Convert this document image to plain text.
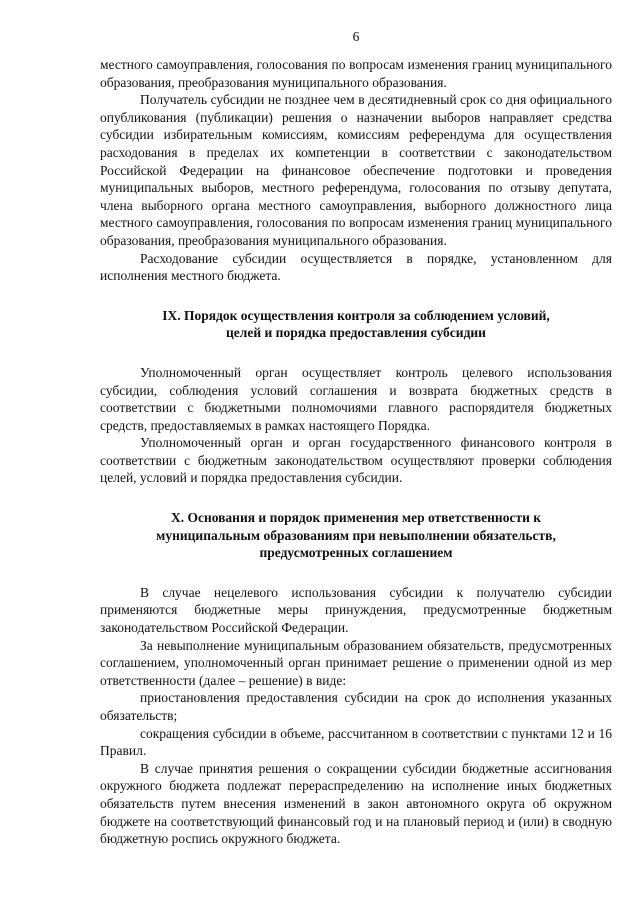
6

местного самоуправления, голосования по вопросам изменения границ муниципального образования, преобразования муниципального образования.

Получатель субсидии не позднее чем в десятидневный срок со дня официального опубликования (публикации) решения о назначении выборов направляет средства субсидии избирательным комиссиям, комиссиям референдума для осуществления расходования в пределах их компетенции в соответствии с законодательством Российской Федерации на финансовое обеспечение подготовки и проведения муниципальных выборов, местного референдума, голосования по отзыву депутата, члена выборного органа местного самоуправления, выборного должностного лица местного самоуправления, голосования по вопросам изменения границ муниципального образования, преобразования муниципального образования.

Расходование субсидии осуществляется в порядке, установленном для исполнения местного бюджета.

IX. Порядок осуществления контроля за соблюдением условий,
целей и порядка предоставления субсидии

Уполномоченный орган осуществляет контроль целевого использования субсидии, соблюдения условий соглашения и возврата бюджетных средств в соответствии с бюджетными полномочиями главного распорядителя бюджетных средств, предоставляемых в рамках настоящего Порядка.

Уполномоченный орган и орган государственного финансового контроля в соответствии с бюджетным законодательством осуществляют проверки соблюдения целей, условий и порядка предоставления субсидии.

X. Основания и порядок применения мер ответственности к
муниципальным образованиям при невыполнении обязательств,
предусмотренных соглашением

В случае нецелевого использования субсидии к получателю субсидии применяются бюджетные меры принуждения, предусмотренные бюджетным законодательством Российской Федерации.

За невыполнение муниципальным образованием обязательств, предусмотренных соглашением, уполномоченный орган принимает решение о применении одной из мер ответственности (далее – решение) в виде:

приостановления предоставления субсидии на срок до исполнения указанных обязательств;

сокращения субсидии в объеме, рассчитанном в соответствии с пунктами 12 и 16 Правил.

В случае принятия решения о сокращении субсидии бюджетные ассигнования окружного бюджета подлежат перераспределению на исполнение иных бюджетных обязательств путем внесения изменений в закон автономного округа об окружном бюджете на соответствующий финансовый год и на плановый период и (или) в сводную бюджетную роспись окружного бюджета.
